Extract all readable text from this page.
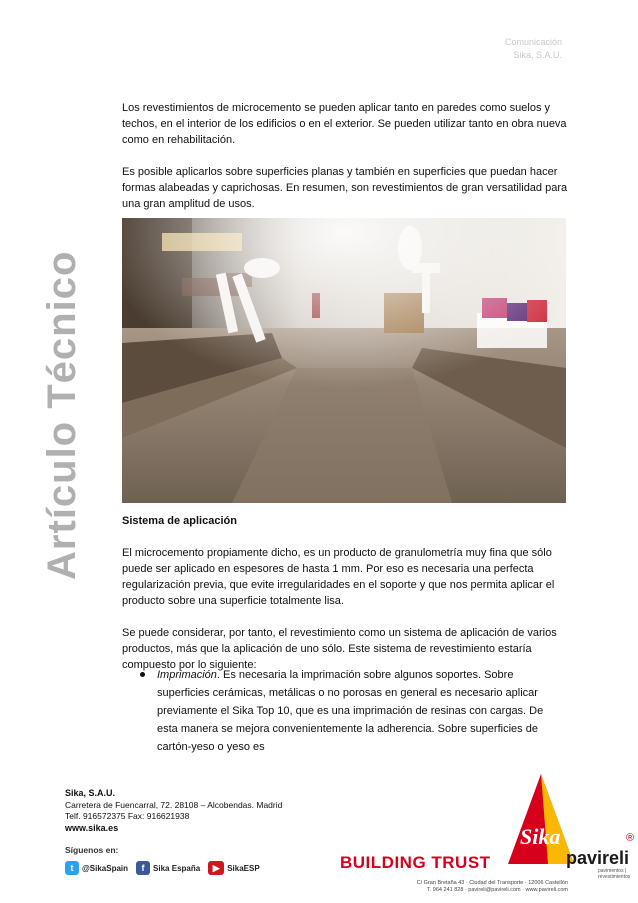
Comunicación
Sika, S.A.U.
Artículo Técnico

Los revestimientos de microcemento se pueden aplicar tanto en paredes como suelos y techos, en el interior de los edificios o en el exterior. Se pueden utilizar tanto en obra nueva como en rehabilitación.

Es posible aplicarlos sobre superficies planas y también en superficies que puedan hacer formas alabeadas y caprichosas. En resumen, son revestimientos de gran versatilidad para una gran amplitud de usos.

Sistema de aplicación

El microcemento propiamente dicho, es un producto de granulometría muy fina que sólo puede ser aplicado en espesores de hasta 1 mm. Por eso es necesaria una perfecta regularización previa, que evite irregularidades en el soporte y que nos permita aplicar el producto sobre una superficie totalmente lisa.

Se puede considerar, por tanto, el revestimiento como un sistema de aplicación de varios productos, más que la aplicación de uno sólo. Este sistema de revestimiento estaría compuesto por lo siguiente:

Imprimación. Es necesaria la imprimación sobre algunos soportes. Sobre superficies cerámicas, metálicas o no porosas en general es necesario aplicar previamente el Sika Top 10, que es una imprimación de resinas con cargas. De esta manera se mejora convenientemente la adherencia. Sobre superficies de cartón-yeso o yeso es
Sika, S.A.U.
Carretera de Fuencarral, 72. 28108 – Alcobendas. Madrid
Telf. 916572375 Fax: 916621938
www.sika.es
Síguenos en:
t	@SikaSpain	f	Sika España	▶ SikaESP	BUILDING TRUST
Sika	®
pavireli
pavimentos | revestimientos
C/ Gran Bretaña 43 · Ciudad del Transporte · 12006 Castellón
T. 964 241 828 · pavireli@pavireli.com · www.pavireli.com
